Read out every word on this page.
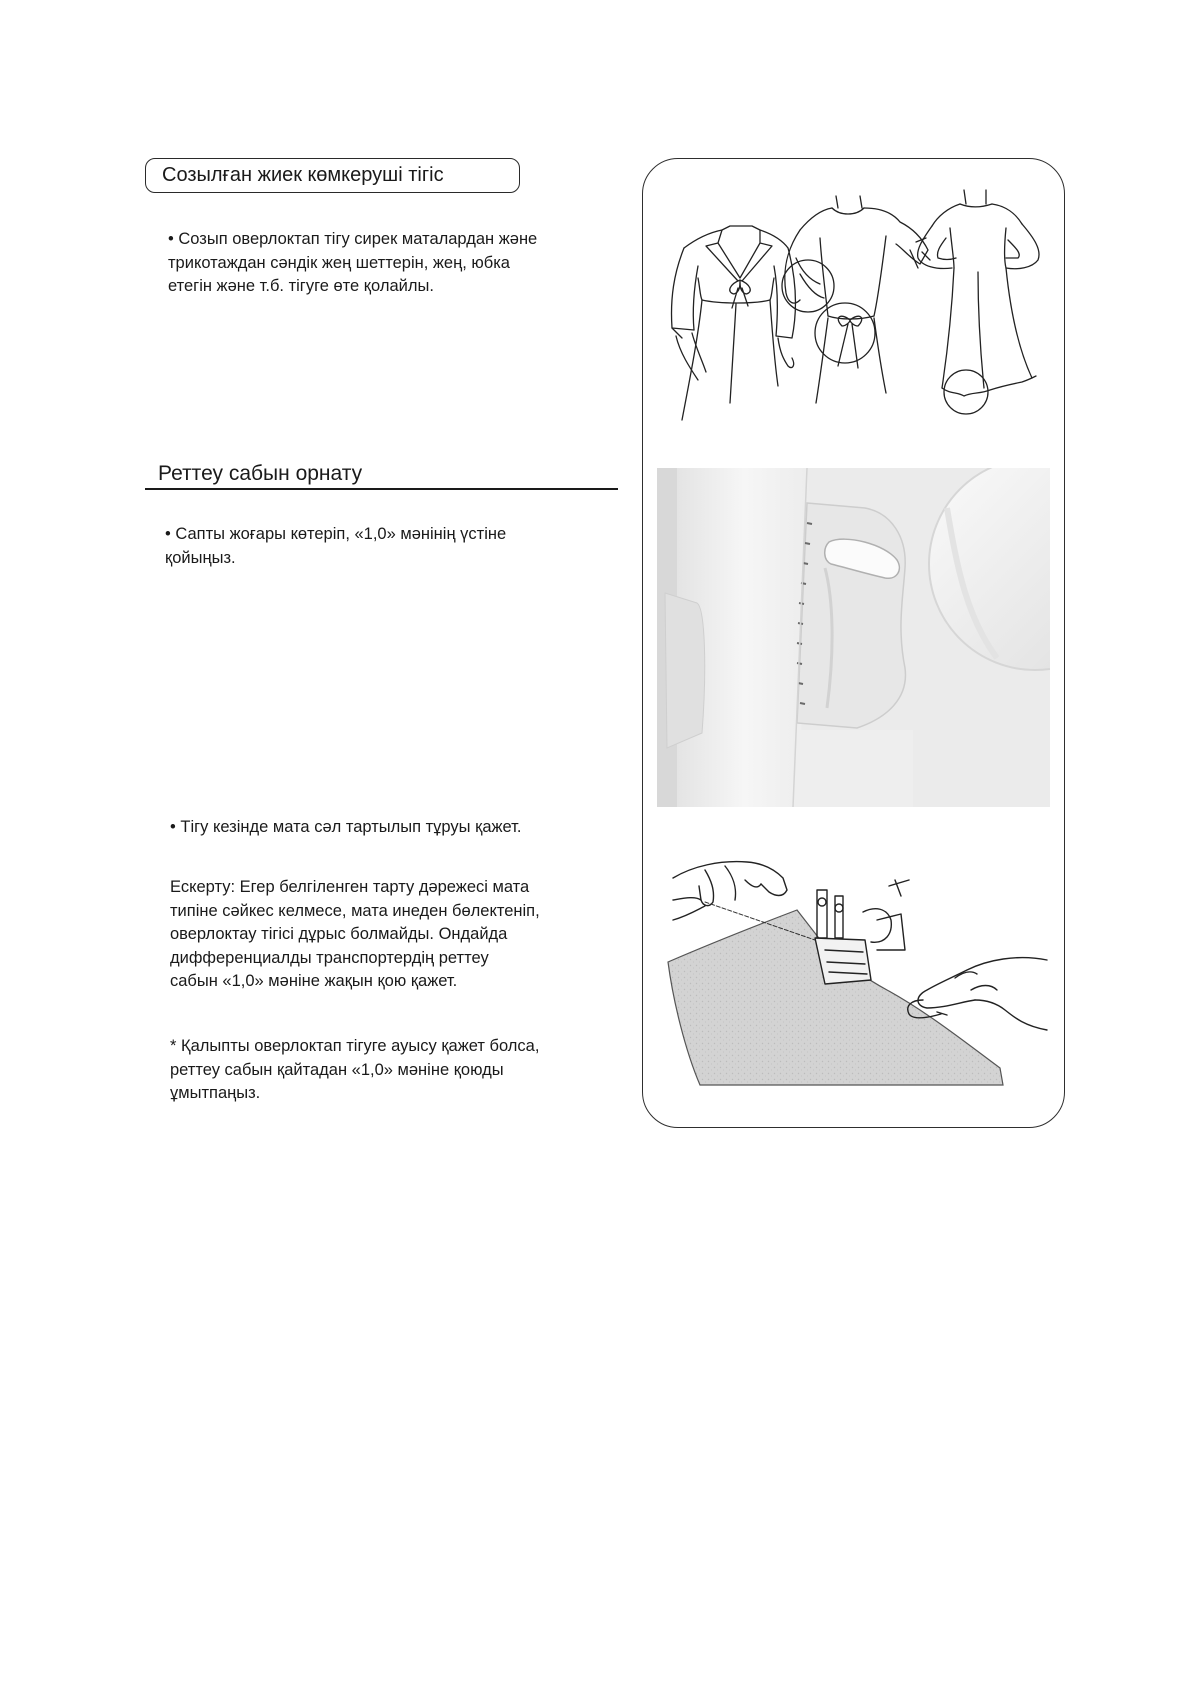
Созылған жиек көмкеруші тігіс
• Созып оверлоктап тігу сирек маталардан және
трикотаждан сәндік жең шеттерін, жең, юбка
етегін және т.б. тігуге өте қолайлы.
Реттеу сабын орнату
• Сапты жоғары көтеріп, «1,0» мәнінің үстіне
қойыңыз.
• Тігу кезінде мата сәл тартылып тұруы қажет.
Ескерту: Егер белгіленген тарту дәрежесі мата
типіне сәйкес келмесе, мата инеден бөлектеніп,
оверлоктау тігісі дұрыс болмайды. Ондайда
дифференциалды транспортердің реттеу
сабын «1,0» мәніне жақын қою қажет.
* Қалыпты оверлоктап тігуге ауысу қажет болса,
реттеу сабын қайтадан «1,0» мәніне қоюды
ұмытпаңыз.
